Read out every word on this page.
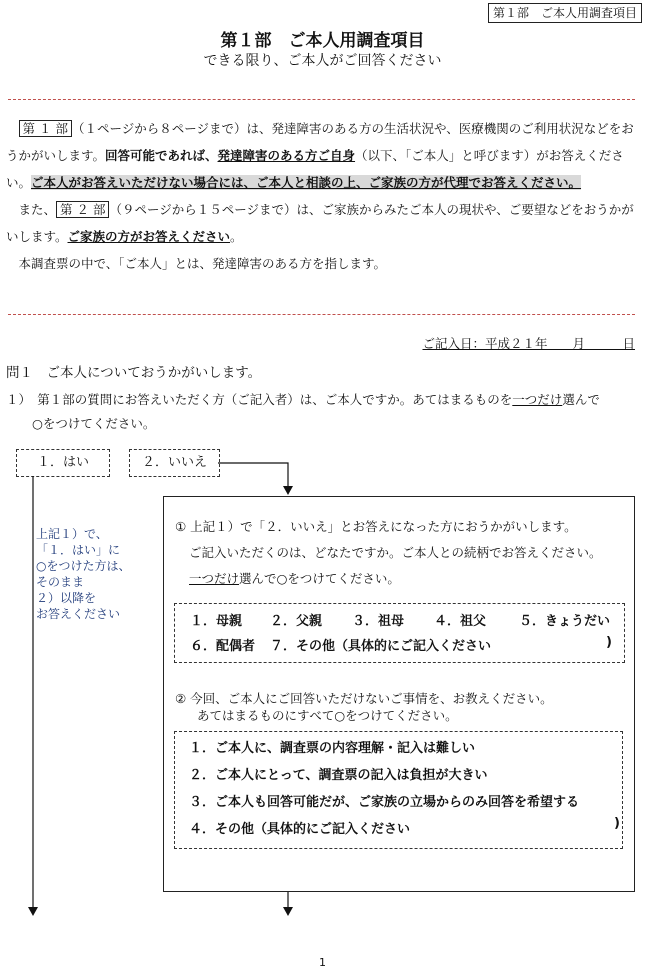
第１部　ご本人用調査項目
第１部　ご本人用調査項目
できる限り、ご本人がご回答ください

　第 １ 部 （１ページから８ページまで）は、発達障害のある方の生活状況や、医療機関のご利用状況などをおうかがいします。回答可能であれば、発達障害のある方ご自身（以下、「ご本人」と呼びます）がお答えください。ご本人がお答えいただけない場合には、ご本人と相談の上、ご家族の方が代理でお答えください。

　また、 第 ２ 部 （９ページから１５ページまで）は、ご家族からみたご本人の現状や、ご要望などをおうかがいします。ご家族の方がお答えください。

　本調査票の中で、「ご本人」とは、発達障害のある方を指します。

ご記入日：平成２１年　　月　　　日
問１　ご本人についておうかがいします。
１）　 第１部の質問にお答えいただく方（ご記入者）は、ご本人ですか。あてはまるものを一つだけ選んで
○をつけてください。
１．はい	２．いいえ
上記１）で、
「１．はい」に
○をつけた方は、
そのまま
２）以降を
お答えください
① 上記１）で「２．いいえ」とお答えになった方におうかがいします。
ご記入いただくのは、どなたですか。ご本人との続柄でお答えください。
一つだけ選んで○をつけてください。
１．母親	２．父親	３．祖母	４．祖父	５．きょうだい
６．配偶者	７．その他（具体的にご記入ください	)
② 今回、ご本人にご回答いただけないご事情を、お教えください。
あてはまるものにすべて○をつけてください。
１．ご本人に、調査票の内容理解・記入は難しい
２．ご本人にとって、調査票の記入は負担が大きい
３．ご本人も回答可能だが、ご家族の立場からのみ回答を希望する
４．その他（具体的にご記入ください	)
1
